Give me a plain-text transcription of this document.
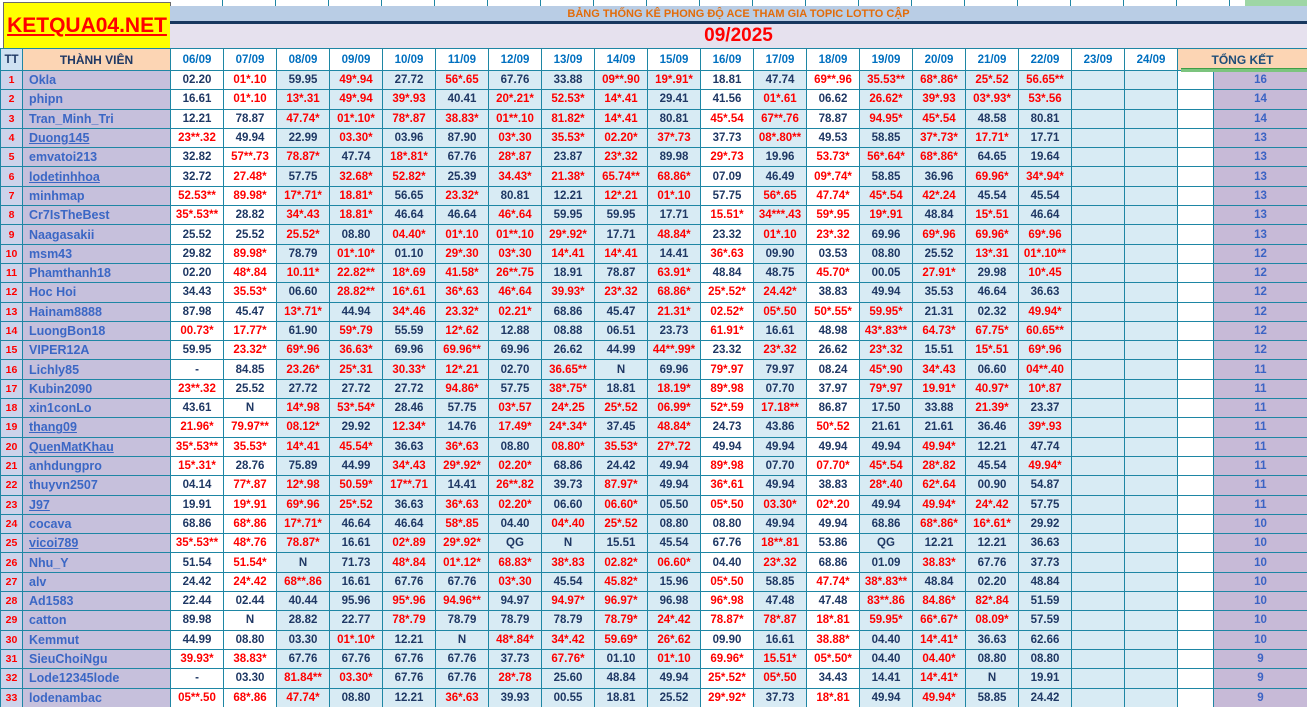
KETQUA04.NET	BẢNG THỐNG KÊ PHONG ĐỘ ACE THAM GIA TOPIC LOTTO CẬP
09/2025
TT	THÀNH VIÊN	06/09	07/09	08/09	09/09	10/09	11/09	12/09	13/09	14/09	15/09	16/09	17/09	18/09	19/09	20/09	21/09	22/09	23/09	24/09	TỔNG KẾT	
1	Okla	02.20	01*.10	59.95	49*.94	27.72	56*.65	67.76	33.88	09**.90	19*.91*	18.81	47.74	69**.96	35.53**	68*.86*	25*.52	56.65**				16
2	phipn	16.61	01*.10	13*.31	49*.94	39*.93	40.41	20*.21*	52.53*	14*.41	29.41	41.56	01*.61	06.62	26.62*	39*.93	03*.93*	53*.56				14
3	Tran_Minh_Tri	12.21	78.87	47.74*	01*.10*	78*.87	38.83*	01**.10	81.82*	14*.41	80.81	45*.54	67**.76	78.87	94.95*	45*.54	48.58	80.81				14
4	Duong145	23**.32	49.94	22.99	03.30*	03.96	87.90	03*.30	35.53*	02.20*	37*.73	37.73	08*.80**	49.53	58.85	37*.73*	17.71*	17.71				13
5	emvatoi213	32.82	57**.73	78.87*	47.74	18*.81*	67.76	28*.87	23.87	23*.32	89.98	29*.73	19.96	53.73*	56*.64*	68*.86*	64.65	19.64				13
6	lodetinhhoa	32.72	27.48*	57.75	32.68*	52.82*	25.39	34.43*	21.38*	65.74**	68.86*	07.09	46.49	09*.74*	58.85	36.96	69.96*	34*.94*				13
7	minhmap	52.53**	89.98*	17*.71*	18.81*	56.65	23.32*	80.81	12.21	12*.21	01*.10	57.75	56*.65	47.74*	45*.54	42*.24	45.54	45.54				13
8	Cr7IsTheBest	35*.53**	28.82	34*.43	18.81*	46.64	46.64	46*.64	59.95	59.95	17.71	15.51*	34***.43	59*.95	19*.91	48.84	15*.51	46.64				13
9	Naagasakii	25.52	25.52	25.52*	08.80	04.40*	01*.10	01**.10	29*.92*	17.71	48.84*	23.32	01*.10	23*.32	69.96	69*.96	69.96*	69*.96				13
10	msm43	29.82	89.98*	78.79	01*.10*	01.10	29*.30	03*.30	14*.41	14*.41	14.41	36*.63	09.90	03.53	08.80	25.52	13*.31	01*.10**				12
11	Phamthanh18	02.20	48*.84	10.11*	22.82**	18*.69	41.58*	26**.75	18.91	78.87	63.91*	48.84	48.75	45.70*	00.05	27.91*	29.98	10*.45				12
12	Hoc Hoi	34.43	35.53*	06.60	28.82**	16*.61	36*.63	46*.64	39.93*	23*.32	68.86*	25*.52*	24.42*	38.83	49.94	35.53	46.64	36.63				12
13	Hainam8888	87.98	45.47	13*.71*	44.94	34*.46	23.32*	02.21*	68.86	45.47	21.31*	02.52*	05*.50	50*.55*	59.95*	21.31	02.32	49.94*				12
14	LuongBon18	00.73*	17.77*	61.90	59*.79	55.59	12*.62	12.88	08.88	06.51	23.73	61.91*	16.61	48.98	43*.83**	64.73*	67.75*	60.65**				12
15	VIPER12A	59.95	23.32*	69*.96	36.63*	69.96	69.96**	69.96	26.62	44.99	44**.99*	23.32	23*.32	26.62	23*.32	15.51	15*.51	69*.96				12
16	Lichly85	-	84.85	23.26*	25*.31	30.33*	12*.21	02.70	36.65**	N	69.96	79*.97	79.97	08.24	45*.90	34*.43	06.60	04**.40				11
17	Kubin2090	23**.32	25.52	27.72	27.72	27.72	94.86*	57.75	38*.75*	18.81	18.19*	89*.98	07.70	37.97	79*.97	19.91*	40.97*	10*.87				11
18	xin1conLo	43.61	N	14*.98	53*.54*	28.46	57.75	03*.57	24*.25	25*.52	06.99*	52*.59	17.18**	86.87	17.50	33.88	21.39*	23.37				11
19	thang09	21.96*	79.97**	08.12*	29.92	12.34*	14.76	17.49*	24*.34*	37.45	48.84*	24.73	43.86	50*.52	21.61	21.61	36.46	39*.93				11
20	QuenMatKhau	35*.53**	35.53*	14*.41	45.54*	36.63	36*.63	08.80	08.80*	35.53*	27*.72	49.94	49.94	49.94	49.94	49.94*	12.21	47.74				11
21	anhdungpro	15*.31*	28.76	75.89	44.99	34*.43	29*.92*	02.20*	68.86	24.42	49.94	89*.98	07.70	07.70*	45*.54	28*.82	45.54	49.94*				11
22	thuyvn2507	04.14	77*.87	12*.98	50.59*	17**.71	14.41	26**.82	39.73	87.97*	49.94	36*.61	49.94	38.83	28*.40	62*.64	00.90	54.87				11
23	J97	19.91	19*.91	69*.96	25*.52	36.63	36*.63	02.20*	06.60	06.60*	05.50	05*.50	03.30*	02*.20	49.94	49.94*	24*.42	57.75				11
24	cocava	68.86	68*.86	17*.71*	46.64	46.64	58*.85	04.40	04*.40	25*.52	08.80	08.80	49.94	49.94	68.86	68*.86*	16*.61*	29.92				10
25	vicoi789	35*.53**	48*.76	78.87*	16.61	02*.89	29*.92*	QG	N	15.51	45.54	67.76	18**.81	53.86	QG	12.21	12.21	36.63				10
26	Nhu_Y	51.54	51.54*	N	71.73	48*.84	01*.12*	68.83*	38*.83	02.82*	06.60*	04.40	23*.32	68.86	01.09	38.83*	67.76	37.73				10
27	alv	24.42	24*.42	68**.86	16.61	67.76	67.76	03*.30	45.54	45.82*	15.96	05*.50	58.85	47.74*	38*.83**	48.84	02.20	48.84				10
28	Ad1583	22.44	02.44	40.44	95.96	95*.96	94.96**	94.97	94.97*	96.97*	96.98	96*.98	47.48	47.48	83**.86	84.86*	82*.84	51.59				10
29	catton	89.98	N	28.82	22.77	78*.79	78.79	78.79	78.79	78.79*	24*.42	78.87*	78*.87	18*.81	59.95*	66*.67*	08.09*	57.59				10
30	Kemmut	44.99	08.80	03.30	01*.10*	12.21	N	48*.84*	34*.42	59.69*	26*.62	09.90	16.61	38.88*	04.40	14*.41*	36.63	62.66				10
31	SieuChoiNgu	39.93*	38.83*	67.76	67.76	67.76	67.76	37.73	67.76*	01.10	01*.10	69.96*	15.51*	05*.50*	04.40	04.40*	08.80	08.80				9
32	Lode12345lode	-	03.30	81.84**	03.30*	67.76	67.76	28*.78	25.60	48.84	49.94	25*.52*	05*.50	34.43	14.41	14*.41*	N	19.91				9
33	lodenambac	05**.50	68*.86	47.74*	08.80	12.21	36*.63	39.93	00.55	18.81	25.52	29*.92*	37.73	18*.81	49.94	49.94*	58.85	24.42				9
